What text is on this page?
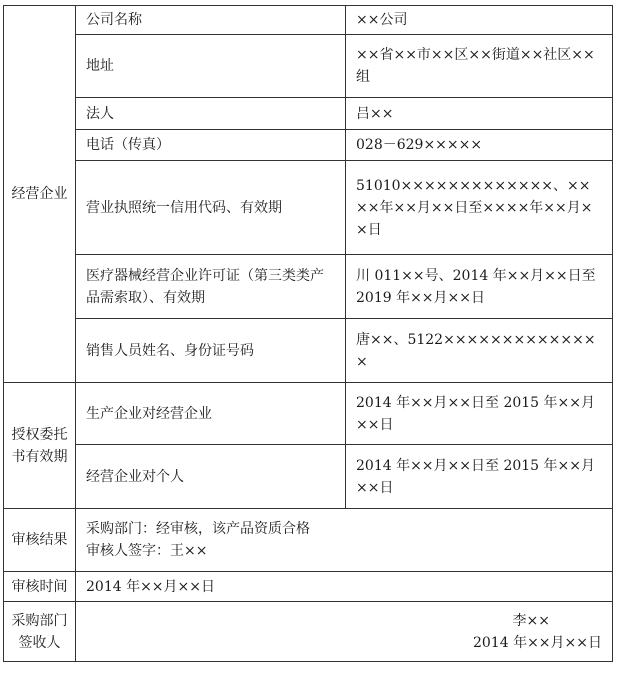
经营企业	公司名称	××公司
	地址	××省××市××区××街道××社区××组
	法人	吕××
	电话（传真）	028－629×××××
	营业执照统一信用代码、有效期	51010×××××××××××××、××××年××月××日至××××年××月××日
	医疗器械经营企业许可证（第三类类产品需索取）、有效期	川 011××号、2014 年××月××日至 2019 年××月××日
	销售人员姓名、身份证号码	唐××、5122××××××××××××××
授权委托书有效期	生产企业对经营企业	2014 年××月××日至 2015 年××月××日
	经营企业对个人	2014 年××月××日至 2015 年××月××日
审核结果	采购部门：经审核，该产品资质合格
审核人签字：王××	

审核时间	2014 年××月××日	
采购部门签收人	李××
2014 年××月××日	
